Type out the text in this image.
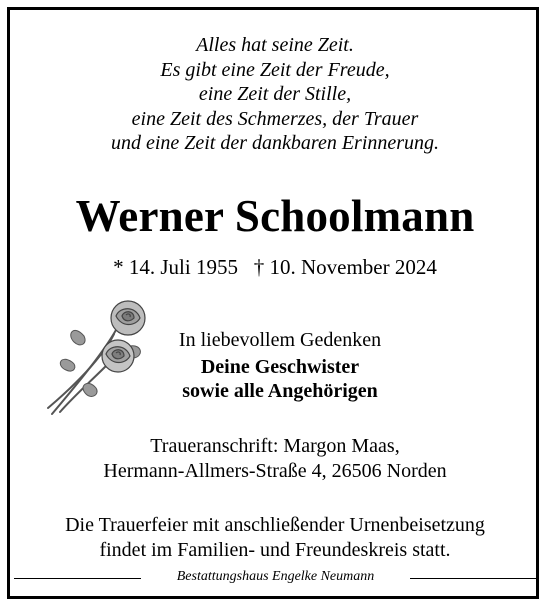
Alles hat seine Zeit.
Es gibt eine Zeit der Freude,
eine Zeit der Stille,
eine Zeit des Schmerzes, der Trauer
und eine Zeit der dankbaren Erinnerung.
Werner Schoolmann
* 14. Juli 1955   † 10. November 2024
In liebevollem Gedenken
Deine Geschwister
sowie alle Angehörigen
Traueranschrift: Margon Maas,
Hermann-Allmers-Straße 4, 26506 Norden
Die Trauerfeier mit anschließender Urnenbeisetzung
findet im Familien- und Freundeskreis statt.
Bestattungshaus Engelke Neumann
